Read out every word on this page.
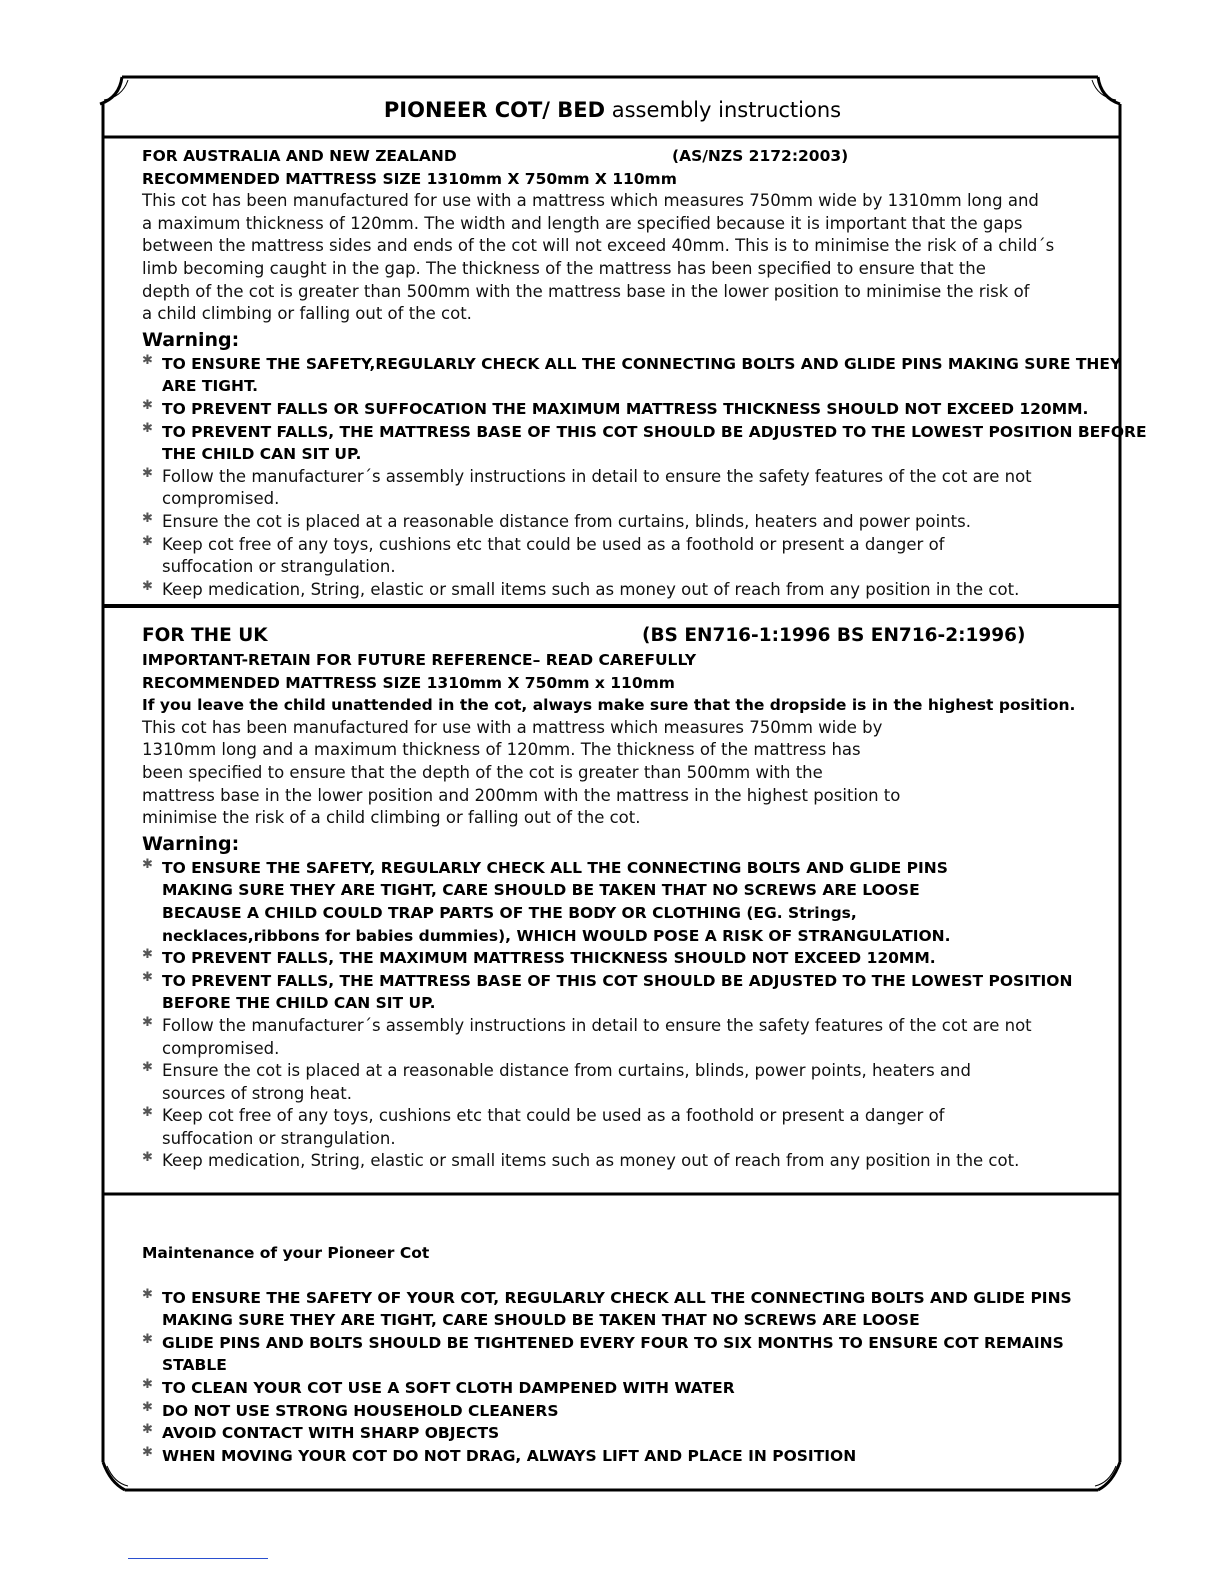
PIONEER COT/ BED assembly instructions
FOR AUSTRALIA AND NEW ZEALAND	(AS/NZS 2172:2003)
RECOMMENDED MATTRESS SIZE 1310mm X 750mm X 110mm
This cot has been manufactured for use with a mattress which measures 750mm wide by 1310mm long and
a maximum thickness of 120mm. The width and length are specified because it is important that the gaps
between the mattress sides and ends of the cot will not exceed 40mm. This is to minimise the risk of a child´s
limb becoming caught in the gap. The thickness of the mattress has been specified to ensure that the
depth of the cot is greater than 500mm with the mattress base in the lower position to minimise the risk of
a child climbing or falling out of the cot.
Warning:
✱ TO ENSURE THE SAFETY,REGULARLY CHECK ALL THE CONNECTING BOLTS AND GLIDE PINS MAKING SURE THEY
ARE TIGHT.
✱ TO PREVENT FALLS OR SUFFOCATION THE MAXIMUM MATTRESS THICKNESS SHOULD NOT EXCEED 120MM.
✱ TO PREVENT FALLS, THE MATTRESS BASE OF THIS COT SHOULD BE ADJUSTED TO THE LOWEST POSITION BEFORE
THE CHILD CAN SIT UP.
✱ Follow the manufacturer´s assembly instructions in detail to ensure the safety features of the cot are not
compromised.
✱ Ensure the cot is placed at a reasonable distance from curtains, blinds, heaters and power points.
✱ Keep cot free of any toys, cushions etc that could be used as a foothold or present a danger of
suffocation or strangulation.
✱ Keep medication, String, elastic or small items such as money out of reach from any position in the cot.
FOR THE UK	(BS EN716-1:1996 BS EN716-2:1996)
IMPORTANT-RETAIN FOR FUTURE REFERENCE– READ CAREFULLY
RECOMMENDED MATTRESS SIZE 1310mm X 750mm x 110mm
If you leave the child unattended in the cot, always make sure that the dropside is in the highest position.
This cot has been manufactured for use with a mattress which measures 750mm wide by
1310mm long and a maximum thickness of 120mm. The thickness of the mattress has
been specified to ensure that the depth of the cot is greater than 500mm with the
mattress base in the lower position and 200mm with the mattress in the highest position to
minimise the risk of a child climbing or falling out of the cot.
Warning:
✱ TO ENSURE THE SAFETY, REGULARLY CHECK ALL THE CONNECTING BOLTS AND GLIDE PINS
MAKING SURE THEY ARE TIGHT, CARE SHOULD BE TAKEN THAT NO SCREWS ARE LOOSE
BECAUSE A CHILD COULD TRAP PARTS OF THE BODY OR CLOTHING (EG. Strings,
necklaces,ribbons for babies dummies), WHICH WOULD POSE A RISK OF STRANGULATION.
✱ TO PREVENT FALLS, THE MAXIMUM MATTRESS THICKNESS SHOULD NOT EXCEED 120MM.
✱ TO PREVENT FALLS, THE MATTRESS BASE OF THIS COT SHOULD BE ADJUSTED TO THE LOWEST POSITION
BEFORE THE CHILD CAN SIT UP.
✱ Follow the manufacturer´s assembly instructions in detail to ensure the safety features of the cot are not
compromised.
✱ Ensure the cot is placed at a reasonable distance from curtains, blinds, power points, heaters and
sources of strong heat.
✱ Keep cot free of any toys, cushions etc that could be used as a foothold or present a danger of
suffocation or strangulation.
✱ Keep medication, String, elastic or small items such as money out of reach from any position in the cot.
Maintenance of your Pioneer Cot
✱ TO ENSURE THE SAFETY OF YOUR COT, REGULARLY CHECK ALL THE CONNECTING BOLTS AND GLIDE PINS
MAKING SURE THEY ARE TIGHT, CARE SHOULD BE TAKEN THAT NO SCREWS ARE LOOSE
✱ GLIDE PINS AND BOLTS SHOULD BE TIGHTENED EVERY FOUR TO SIX MONTHS TO ENSURE COT REMAINS
STABLE
✱ TO CLEAN YOUR COT USE A SOFT CLOTH DAMPENED WITH WATER
✱ DO NOT USE STRONG HOUSEHOLD CLEANERS
✱ AVOID CONTACT WITH SHARP OBJECTS
✱ WHEN MOVING YOUR COT DO NOT DRAG, ALWAYS LIFT AND PLACE IN POSITION
